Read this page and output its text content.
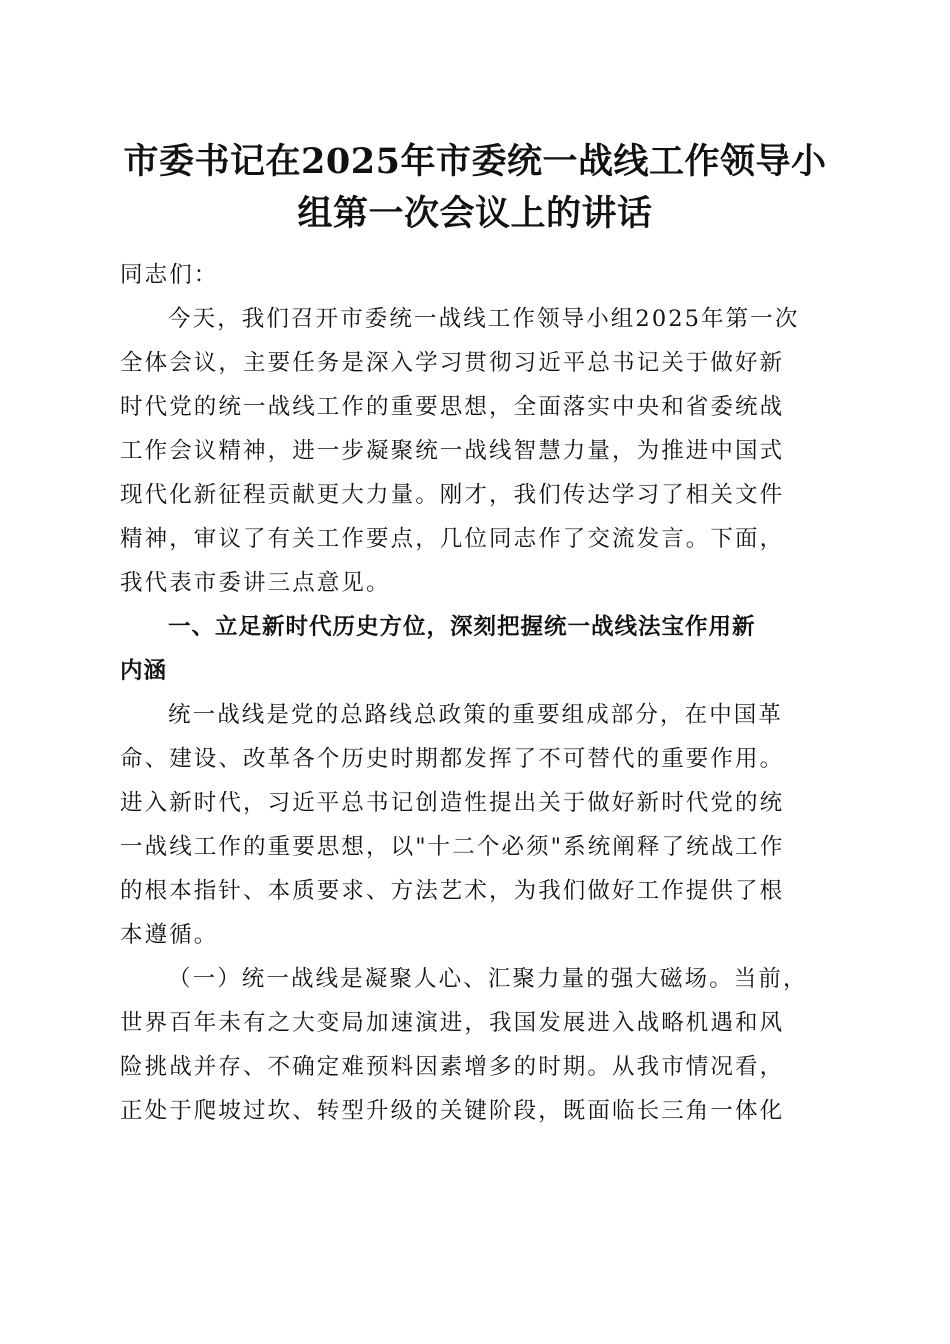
市委书记在2025年市委统一战线工作领导小
组第一次会议上的讲话
同志们：
今天，我们召开市委统一战线工作领导小组2025年第一次
全体会议，主要任务是深入学习贯彻习近平总书记关于做好新
时代党的统一战线工作的重要思想，全面落实中央和省委统战
工作会议精神，进一步凝聚统一战线智慧力量，为推进中国式
现代化新征程贡献更大力量。刚才，我们传达学习了相关文件
精神，审议了有关工作要点，几位同志作了交流发言。下面，
我代表市委讲三点意见。
一、立足新时代历史方位，深刻把握统一战线法宝作用新
内涵
统一战线是党的总路线总政策的重要组成部分，在中国革
命、建设、改革各个历史时期都发挥了不可替代的重要作用。
进入新时代，习近平总书记创造性提出关于做好新时代党的统
一战线工作的重要思想，以"十二个必须"系统阐释了统战工作
的根本指针、本质要求、方法艺术，为我们做好工作提供了根
本遵循。
（一）统一战线是凝聚人心、汇聚力量的强大磁场。当前，
世界百年未有之大变局加速演进，我国发展进入战略机遇和风
险挑战并存、不确定难预料因素增多的时期。从我市情况看，
正处于爬坡过坎、转型升级的关键阶段，既面临长三角一体化
